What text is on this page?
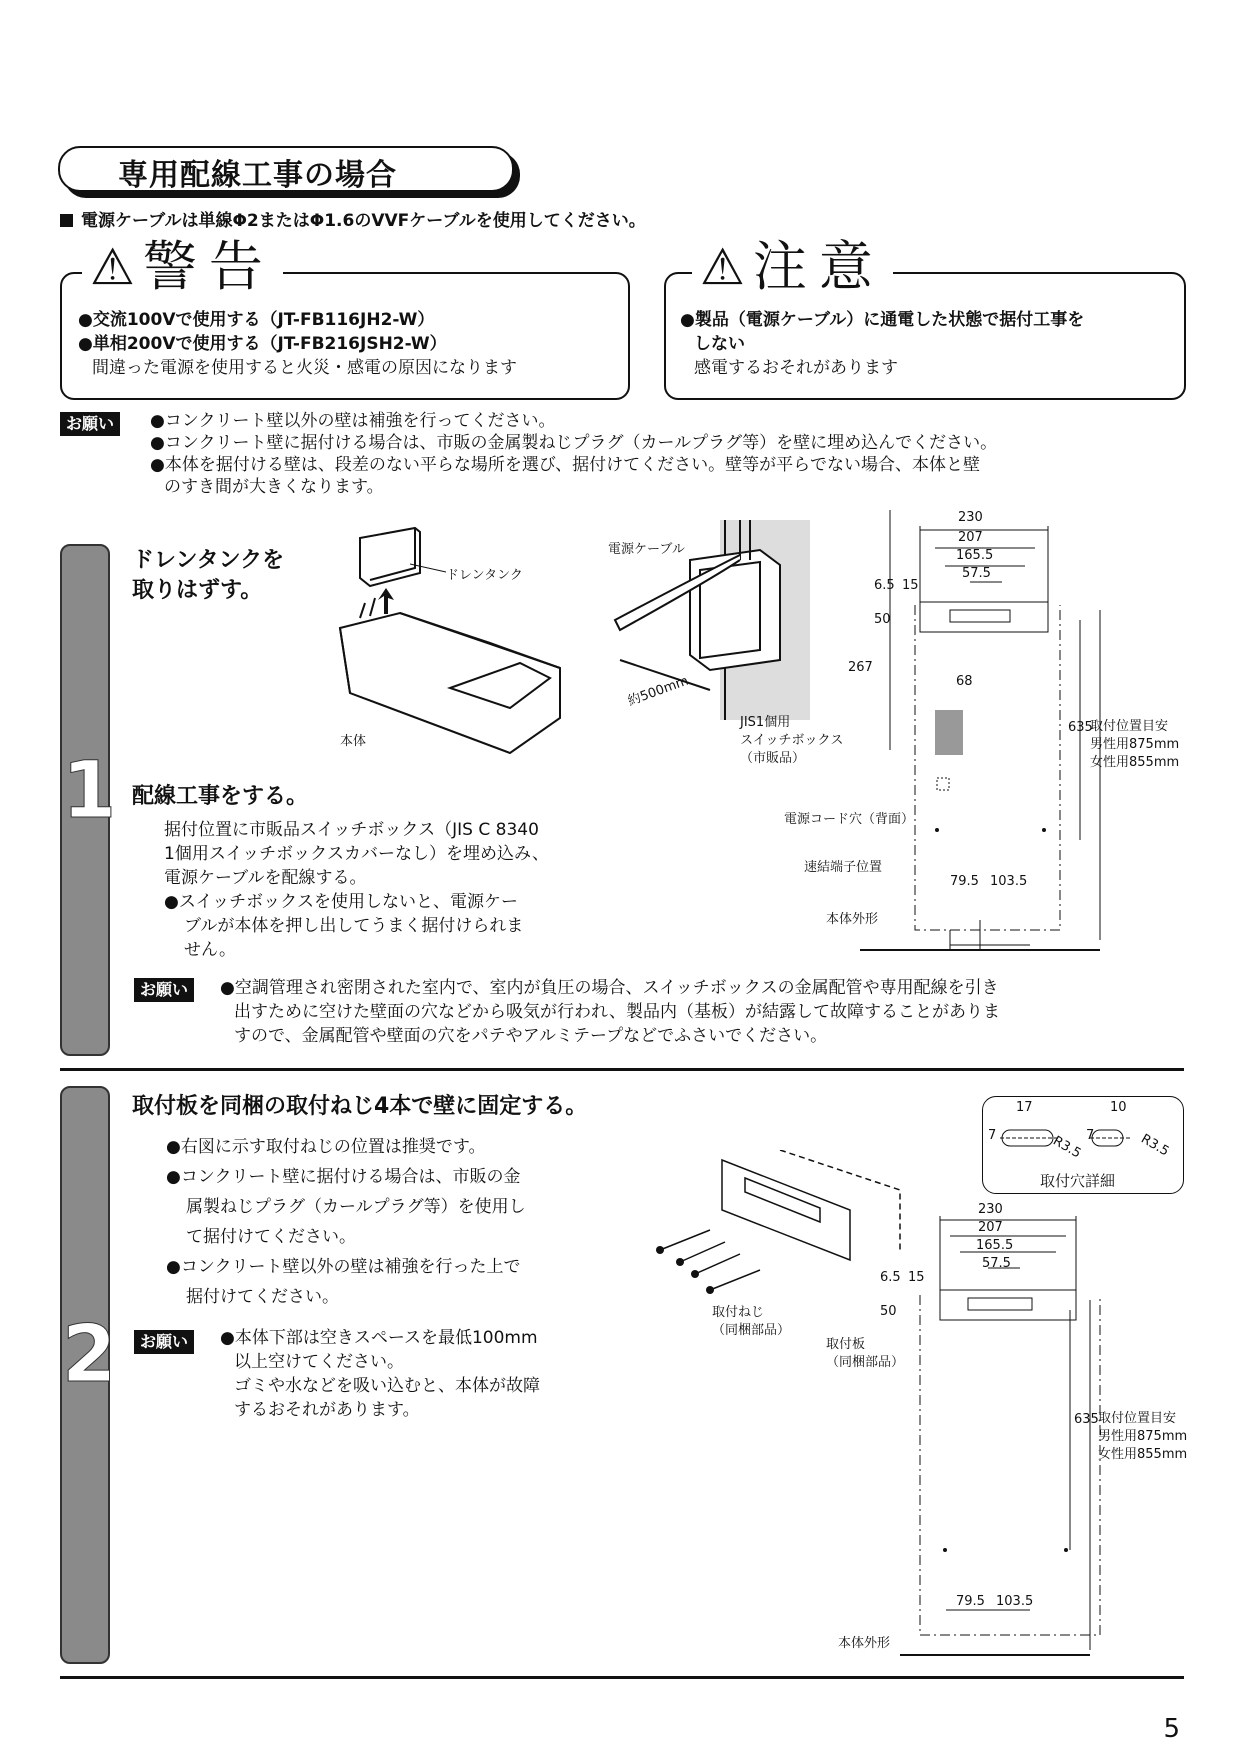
専用配線工事の場合
電源ケーブルは単線Φ2またはΦ1.6のVVFケーブルを使用してください。
⚠ 警告
●交流100Vで使用する（JT-FB116JH2-W）
●単相200Vで使用する（JT-FB216JSH2-W）
間違った電源を使用すると火災・感電の原因になります
⚠ 注意
●製品（電源ケーブル）に通電した状態で据付工事を
しない
感電するおそれがあります
お願い	●コンクリート壁以外の壁は補強を行ってください。
●コンクリート壁に据付ける場合は、市販の金属製ねじプラグ（カールプラグ等）を壁に埋め込んでください。
●本体を据付ける壁は、段差のない平らな場所を選び、据付けてください。壁等が平らでない場合、本体と壁
のすき間が大きくなります。
1
ドレンタンクを
取りはずす。
ドレンタンク
本体
電源ケーブル
約500mm
JIS1個用
スイッチボックス
（市販品）
230
207
165.5
57.5
6.5 15
50
267
68
635
取付位置目安
男性用875mm
女性用855mm
電源コード穴（背面）
速結端子位置
79.5 103.5
本体外形
配線工事をする。
据付位置に市販品スイッチボックス（JIS C 8340
1個用スイッチボックスカバーなし）を埋め込み、
電源ケーブルを配線する。
●スイッチボックスを使用しないと、電源ケー
ブルが本体を押し出してうまく据付けられま
せん。
お願い	●空調管理され密閉された室内で、室内が負圧の場合、スイッチボックスの金属配管や専用配線を引き
出すために空けた壁面の穴などから吸気が行われ、製品内（基板）が結露して故障することがありま
すので、金属配管や壁面の穴をパテやアルミテープなどでふさいでください。
2
取付板を同梱の取付ねじ4本で壁に固定する。
●右図に示す取付ねじの位置は推奨です。
●コンクリート壁に据付ける場合は、市販の金
属製ねじプラグ（カールプラグ等）を使用し
て据付けてください。
●コンクリート壁以外の壁は補強を行った上で
据付けてください。
お願い	●本体下部は空きスペースを最低100mm
以上空けてください。
ゴミや水などを吸い込むと、本体が故障
するおそれがあります。
取付ねじ
（同梱部品）
取付板
（同梱部品）
17	10
7	7
R3.5	R3.5
取付穴詳細
230
207
165.5
57.5
6.5 15
50
635 取付位置目安
男性用875mm
女性用855mm
79.5 103.5
本体外形
5
